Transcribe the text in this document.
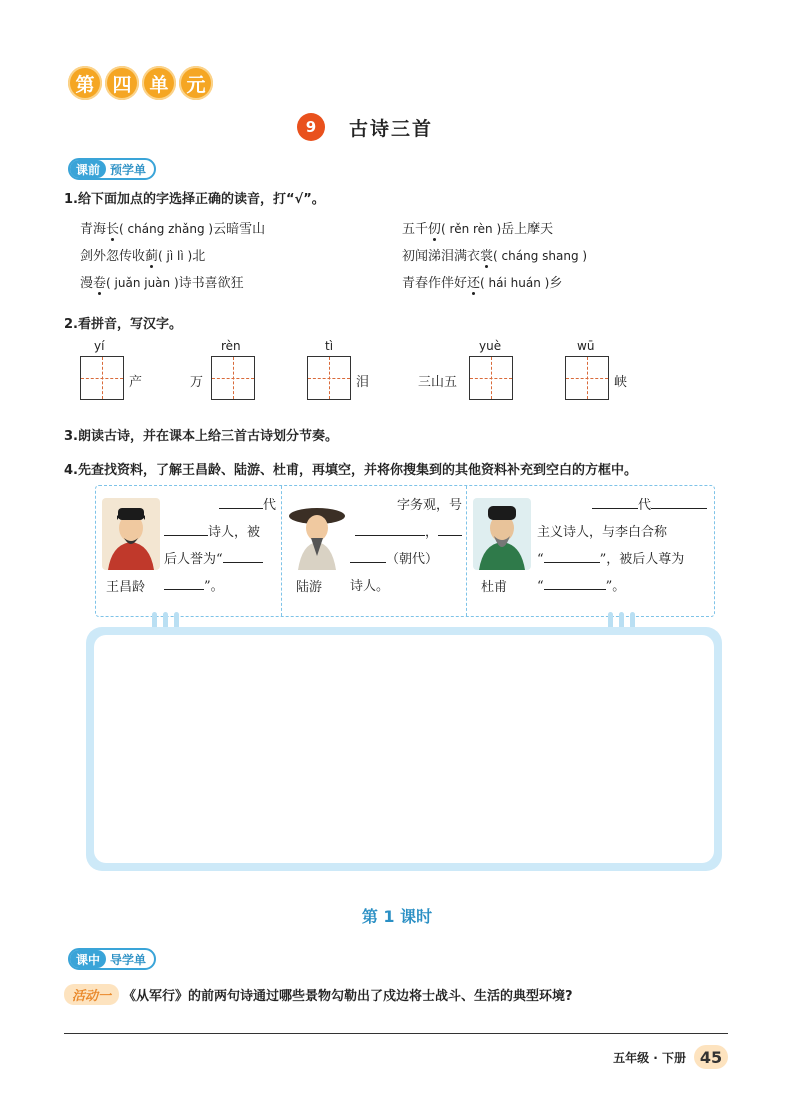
第 四 单 元
9	古诗三首
课前 预学单
1.给下面加点的字选择正确的读音，打“√”。
青海长( cháng zhǎng )云暗雪山	五千仞( rěn rèn )岳上摩天
剑外忽传收蓟( jì lì )北	初闻涕泪满衣裳( cháng shang )
漫卷( juǎn juàn )诗书喜欲狂	青春作伴好还( hái huán )乡
2.看拼音，写汉字。
yí
产	万
rèn	tì
泪	三山五
yuè	wū
峡
3.朗读古诗，并在课本上给三首古诗划分节奏。
4.先查找资料，了解王昌龄、陆游、杜甫，再填空，并将你搜集到的其他资料补充到空白的方框中。
王昌龄
代
诗人，被
后人誉为“
”。	陆游
字务观，号
，
（朝代）
诗人。	杜甫
代
主义诗人，与李白合称
“	”，被后人尊为
“	”。
第 1 课时
课中 导学单
活动一 《从军行》的前两句诗通过哪些景物勾勒出了戍边将士战斗、生活的典型环境?
五年级 · 下册 45
